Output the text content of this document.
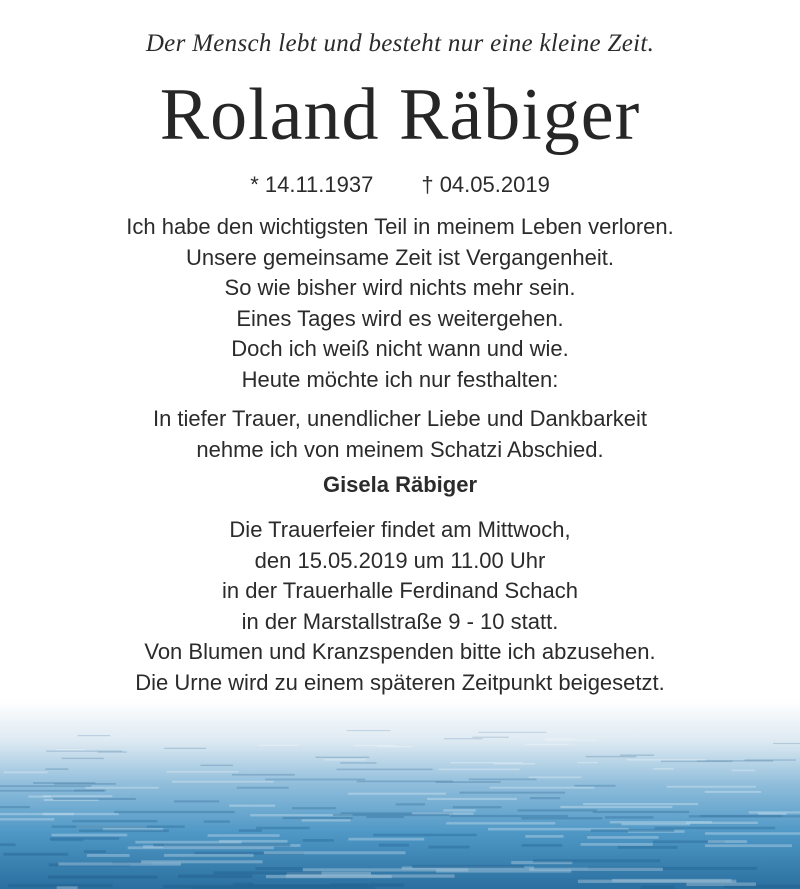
Der Mensch lebt und besteht nur eine kleine Zeit.
Roland Räbiger
* 14.11.1937 † 04.05.2019
Ich habe den wichtigsten Teil in meinem Leben verloren.
Unsere gemeinsame Zeit ist Vergangenheit.
So wie bisher wird nichts mehr sein.
Eines Tages wird es weitergehen.
Doch ich weiß nicht wann und wie.
Heute möchte ich nur festhalten:
In tiefer Trauer, unendlicher Liebe und Dankbarkeit
nehme ich von meinem Schatzi Abschied.
Gisela Räbiger
Die Trauerfeier findet am Mittwoch,
den 15.05.2019 um 11.00 Uhr
in der Trauerhalle Ferdinand Schach
in der Marstallstraße 9 - 10 statt.
Von Blumen und Kranzspenden bitte ich abzusehen.
Die Urne wird zu einem späteren Zeitpunkt beigesetzt.
